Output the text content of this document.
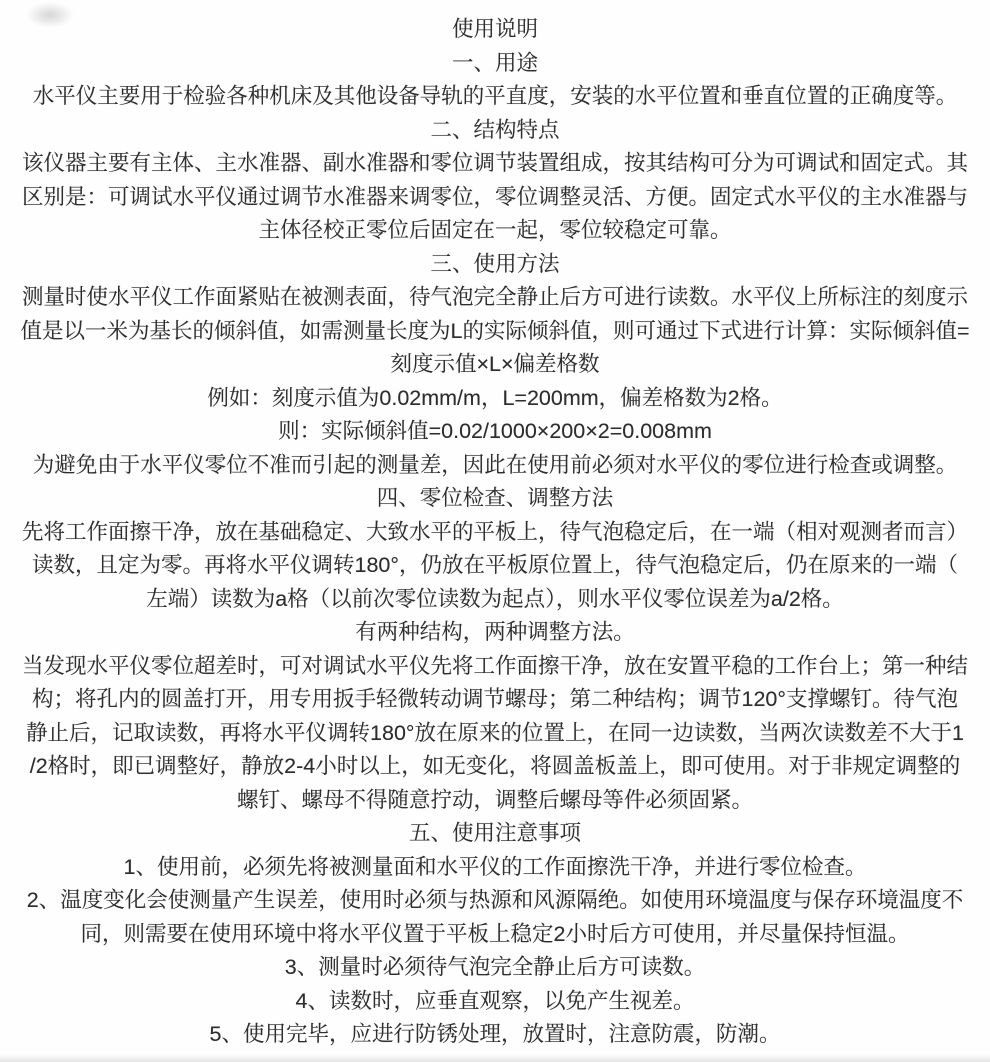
使用说明
一、用途

水平仪主要用于检验各种机床及其他设备导轨的平直度，安装的水平位置和垂直位置的正确度等。

二、结构特点

该仪器主要有主体、主水准器、副水准器和零位调节装置组成，按其结构可分为可调试和固定式。其

区别是：可调试水平仪通过调节水准器来调零位，零位调整灵活、方便。固定式水平仪的主水准器与

主体径校正零位后固定在一起，零位较稳定可靠。

三、使用方法

测量时使水平仪工作面紧贴在被测表面，待气泡完全静止后方可进行读数。水平仪上所标注的刻度示

值是以一米为基长的倾斜值，如需测量长度为L的实际倾斜值，则可通过下式进行计算：实际倾斜值=

刻度示值×L×偏差格数

例如：刻度示值为0.02mm/m，L=200mm，偏差格数为2格。

则：实际倾斜值=0.02/1000×200×2=0.008mm

为避免由于水平仪零位不准而引起的测量差，因此在使用前必须对水平仪的零位进行检查或调整。

四、零位检查、调整方法

先将工作面擦干净，放在基础稳定、大致水平的平板上，待气泡稳定后，在一端（相对观测者而言）

读数，且定为零。再将水平仪调转180°，仍放在平板原位置上，待气泡稳定后，仍在原来的一端（

左端）读数为a格（以前次零位读数为起点），则水平仪零位误差为a/2格。

有两种结构，两种调整方法。

当发现水平仪零位超差时，可对调试水平仪先将工作面擦干净，放在安置平稳的工作台上；第一种结

构；将孔内的圆盖打开，用专用扳手轻微转动调节螺母；第二种结构；调节120°支撑螺钉。待气泡

静止后，记取读数，再将水平仪调转180°放在原来的位置上，在同一边读数，当两次读数差不大于1

/2格时，即已调整好，静放2-4小时以上，如无变化，将圆盖板盖上，即可使用。对于非规定调整的

螺钉、螺母不得随意拧动，调整后螺母等件必须固紧。

五、使用注意事项

1、使用前，必须先将被测量面和水平仪的工作面擦洗干净，并进行零位检查。

2、温度变化会使测量产生误差，使用时必须与热源和风源隔绝。如使用环境温度与保存环境温度不

同，则需要在使用环境中将水平仪置于平板上稳定2小时后方可使用，并尽量保持恒温。

3、测量时必须待气泡完全静止后方可读数。

4、读数时，应垂直观察，以免产生视差。

5、使用完毕，应进行防锈处理，放置时，注意防震，防潮。
